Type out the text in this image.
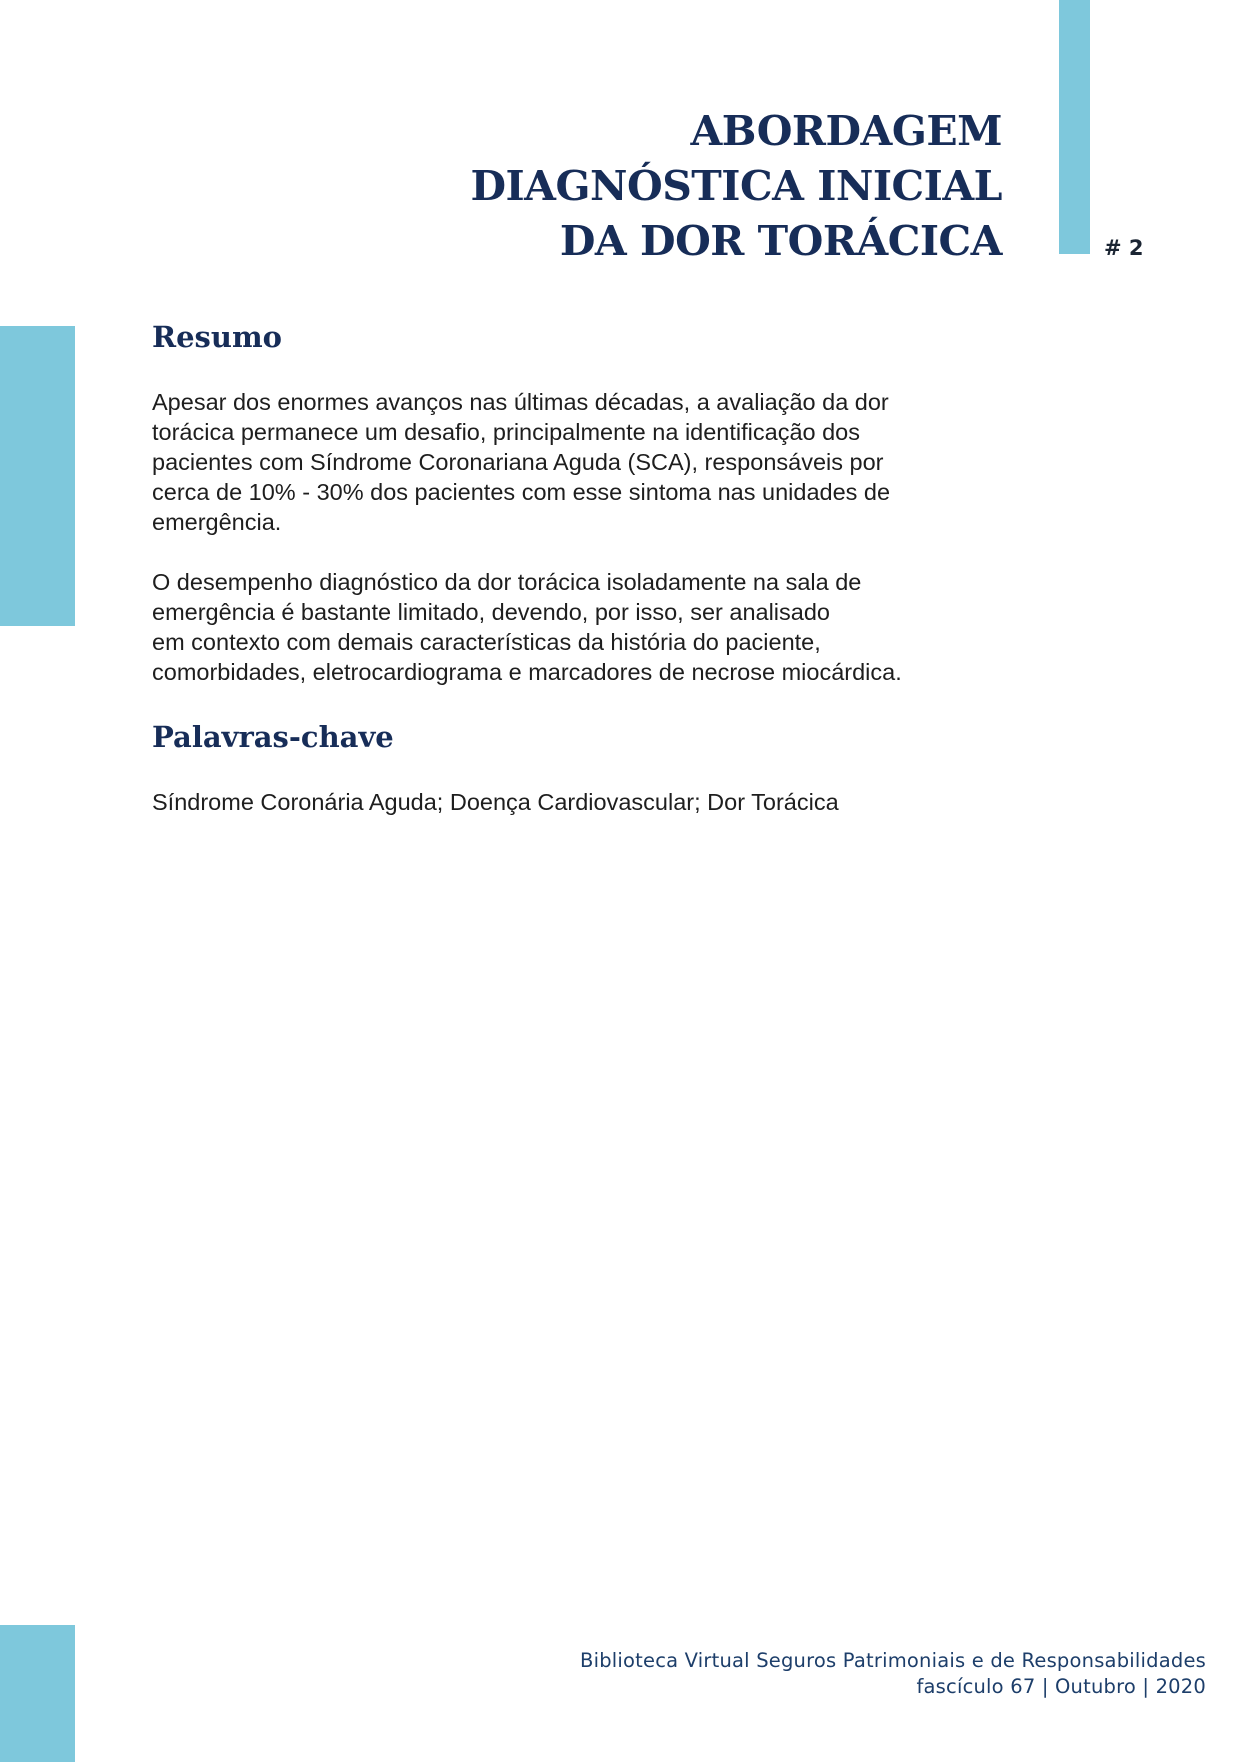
ABORDAGEM
DIAGNÓSTICA INICIAL
DA DOR TORÁCICA	# 2
Resumo

Apesar dos enormes avanços nas últimas décadas, a avaliação da dor
torácica permanece um desafio, principalmente na identificação dos
pacientes com Síndrome Coronariana Aguda (SCA), responsáveis por
cerca de 10% - 30% dos pacientes com esse sintoma nas unidades de
emergência.

O desempenho diagnóstico da dor torácica isoladamente na sala de
emergência é bastante limitado, devendo, por isso, ser analisado
em contexto com demais características da história do paciente,
comorbidades, eletrocardiograma e marcadores de necrose miocárdica.

Palavras-chave

Síndrome Coronária Aguda; Doença Cardiovascular; Dor Torácica

Biblioteca Virtual Seguros Patrimoniais e de Responsabilidades
fascículo 67 | Outubro | 2020
